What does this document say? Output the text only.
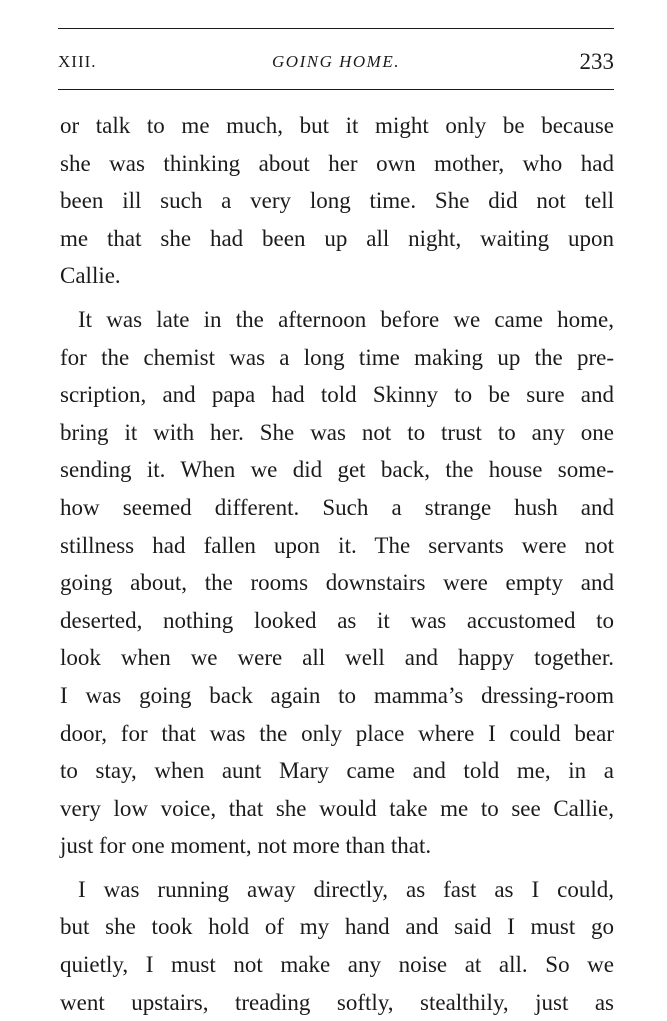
XIII.	GOING HOME.	233
or talk to me much, but it might only be because
she was thinking about her own mother, who had
been ill such a very long time. She did not tell
me that she had been up all night, waiting upon
Callie.
It was late in the afternoon before we came home,
for the chemist was a long time making up the pre-
scription, and papa had told Skinny to be sure and
bring it with her. She was not to trust to any one
sending it. When we did get back, the house some-
how seemed different. Such a strange hush and
stillness had fallen upon it. The servants were not
going about, the rooms downstairs were empty and
deserted, nothing looked as it was accustomed to
look when we were all well and happy together.
I was going back again to mamma’s dressing-room
door, for that was the only place where I could bear
to stay, when aunt Mary came and told me, in a
very low voice, that she would take me to see Callie,
just for one moment, not more than that.
I was running away directly, as fast as I could,
but she took hold of my hand and said I must go
quietly, I must not make any noise at all. So we
went upstairs, treading softly, stealthily, just as
